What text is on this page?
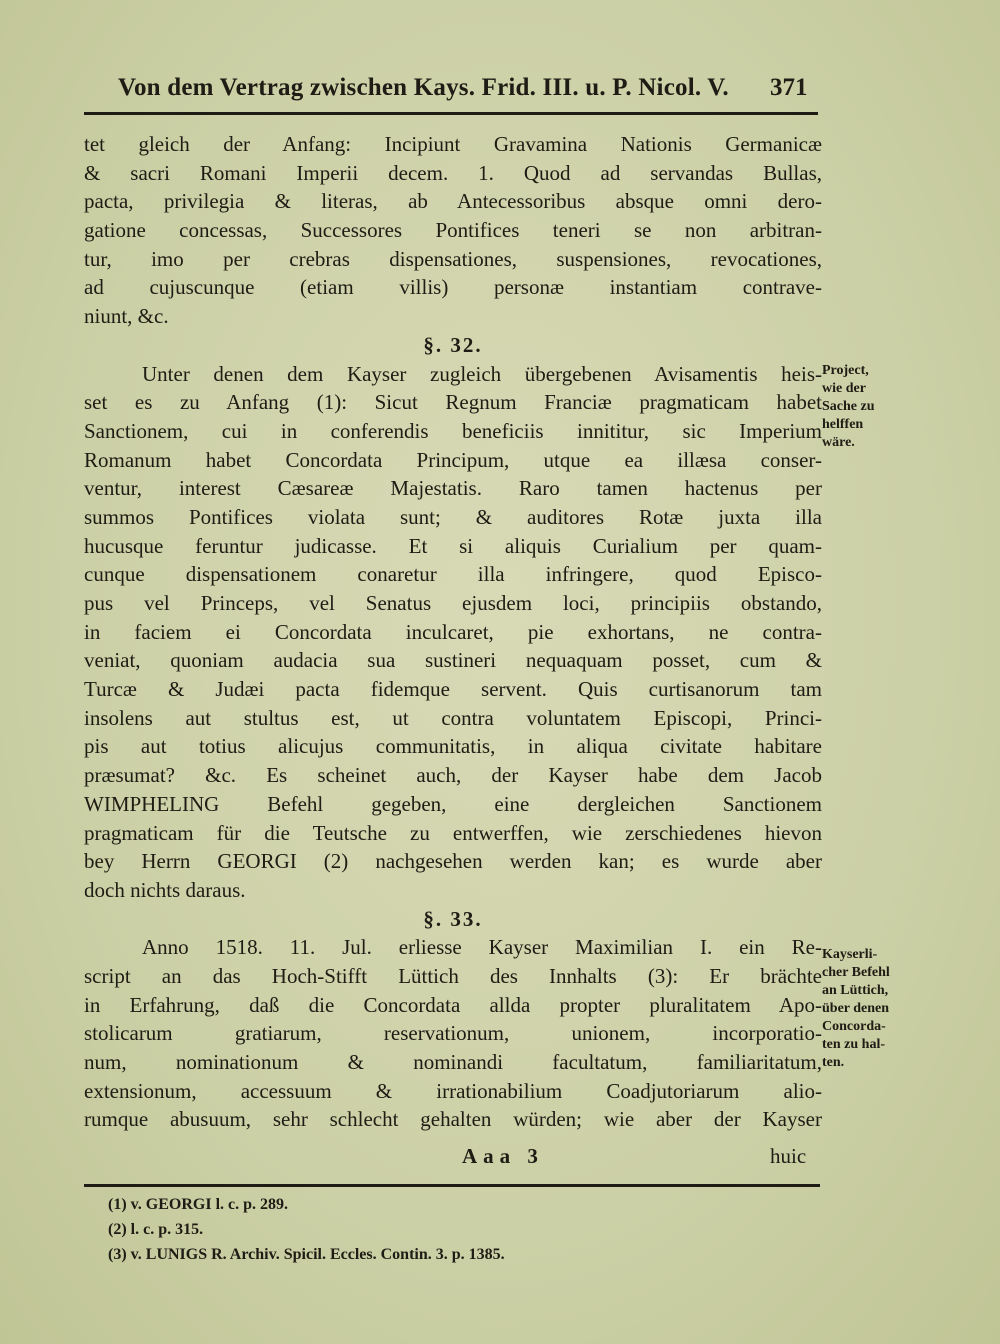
Von dem Vertrag zwischen Kays. Frid. III. u. P. Nicol. V.	371
tet gleich der Anfang: Incipiunt Gravamina Nationis Germanicæ
& sacri Romani Imperii decem. 1. Quod ad servandas Bullas,
pacta, privilegia & literas, ab Antecessoribus absque omni dero-
gatione concessas, Successores Pontifices teneri se non arbitran-
tur, imo per crebras dispensationes, suspensiones, revocationes,
ad cujuscunque (etiam villis) personæ instantiam contrave-
niunt, &c.
§. 32.
Unter denen dem Kayser zugleich übergebenen Avisamentis heis-
set es zu Anfang (1): Sicut Regnum Franciæ pragmaticam habet
Sanctionem, cui in conferendis beneficiis innititur, sic Imperium
Romanum habet Concordata Principum, utque ea illæsa conser-
ventur, interest Cæsareæ Majestatis. Raro tamen hactenus per
summos Pontifices violata sunt; & auditores Rotæ juxta illa
hucusque feruntur judicasse. Et si aliquis Curialium per quam-
cunque dispensationem conaretur illa infringere, quod Episco-
pus vel Princeps, vel Senatus ejusdem loci, principiis obstando,
in faciem ei Concordata inculcaret, pie exhortans, ne contra-
veniat, quoniam audacia sua sustineri nequaquam posset, cum &
Turcæ & Judæi pacta fidemque servent. Quis curtisanorum tam
insolens aut stultus est, ut contra voluntatem Episcopi, Princi-
pis aut totius alicujus communitatis, in aliqua civitate habitare
præsumat? &c. Es scheinet auch, der Kayser habe dem Jacob
WIMPHELING Befehl gegeben, eine dergleichen Sanctionem
pragmaticam für die Teutsche zu entwerffen, wie zerschiedenes hievon
bey Herrn GEORGI (2) nachgesehen werden kan; es wurde aber
doch nichts daraus.
§. 33.
Anno 1518. 11. Jul. erliesse Kayser Maximilian I. ein Re-
script an das Hoch-Stifft Lüttich des Innhalts (3): Er brächte
in Erfahrung, daß die Concordata allda propter pluralitatem Apo-
stolicarum gratiarum, reservationum, unionem, incorporatio-
num, nominationum & nominandi facultatum, familiaritatum,
extensionum, accessuum & irrationabilium Coadjutoriarum alio-
rumque abusuum, sehr schlecht gehalten würden; wie aber der Kayser
Project,
wie der
Sache zu
helffen
wäre.
Kayserli-
cher Befehl
an Lüttich,
über denen
Concorda-
ten zu hal-
ten.
Aaa 3	huic
(1) v. GEORGI l. c. p. 289.
(2) l. c. p. 315.
(3) v. LUNIGS R. Archiv. Spicil. Eccles. Contin. 3. p. 1385.
